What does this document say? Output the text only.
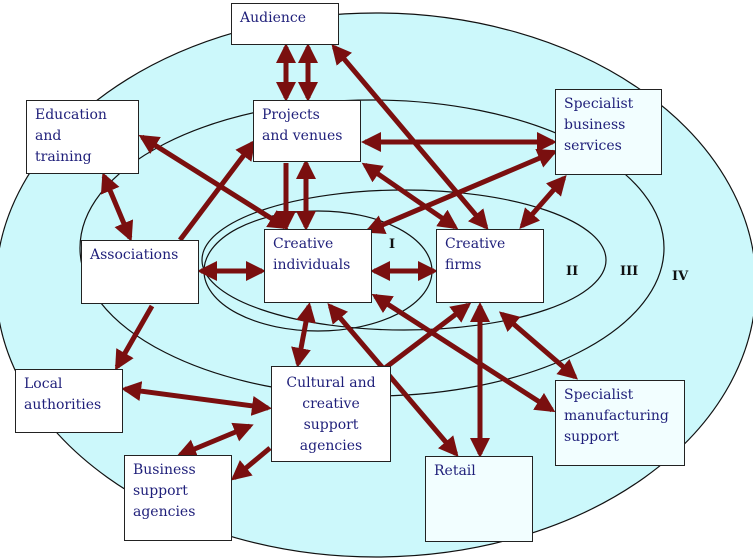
Audience
Projects
and venues
Education
and
training
Specialist
business
services
Associations
Creative
individuals
Creative
firms
Local
authorities
Cultural and
creative
support
agencies
Specialist
manufacturing
support
Business
support
agencies
Retail
I
II	III	IV
